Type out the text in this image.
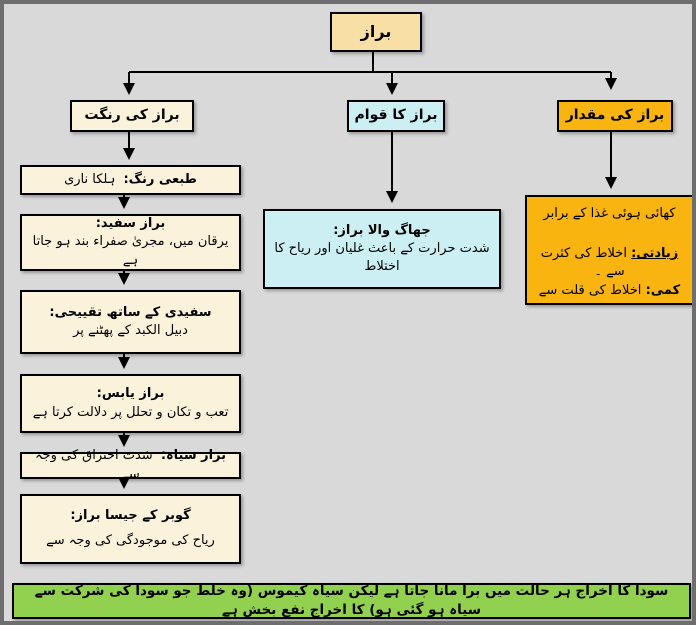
براز
براز کی رنگت	براز کا قوام	براز کی مقدار
طبعی رنگ: ہلکا ناری
براز سفید:
یرقان میں، مجریٰ صفراء بند ہو جاتا ہے
سفیدی کے ساتھ تقییحی:
دبیل الکبد کے پھٹنے پر
براز یابس:
تعب و تکان و تحلل پر دلالت کرتا ہے
براز سیاہ: شدت احتراق کی وجہ سے
گوبر کے جیسا براز:
ریاح کی موجودگی کی وجہ سے
جھاگ والا براز:
شدت حرارت کے باعث غلیان اور ریاح کا اختلاط
کھائی ہوئی غذا کے برابر
زیادتی: اخلاط کی کثرت سے ۔
کمی: اخلاط کی قلت سے
سودا کا اخراج ہر حالت میں برا مانا جاتا ہے لیکن سیاہ کیموس (وہ خلط جو سودا کی شرکت سے سیاہ ہو گئی ہو) کا اخراج نفع بخش ہے
